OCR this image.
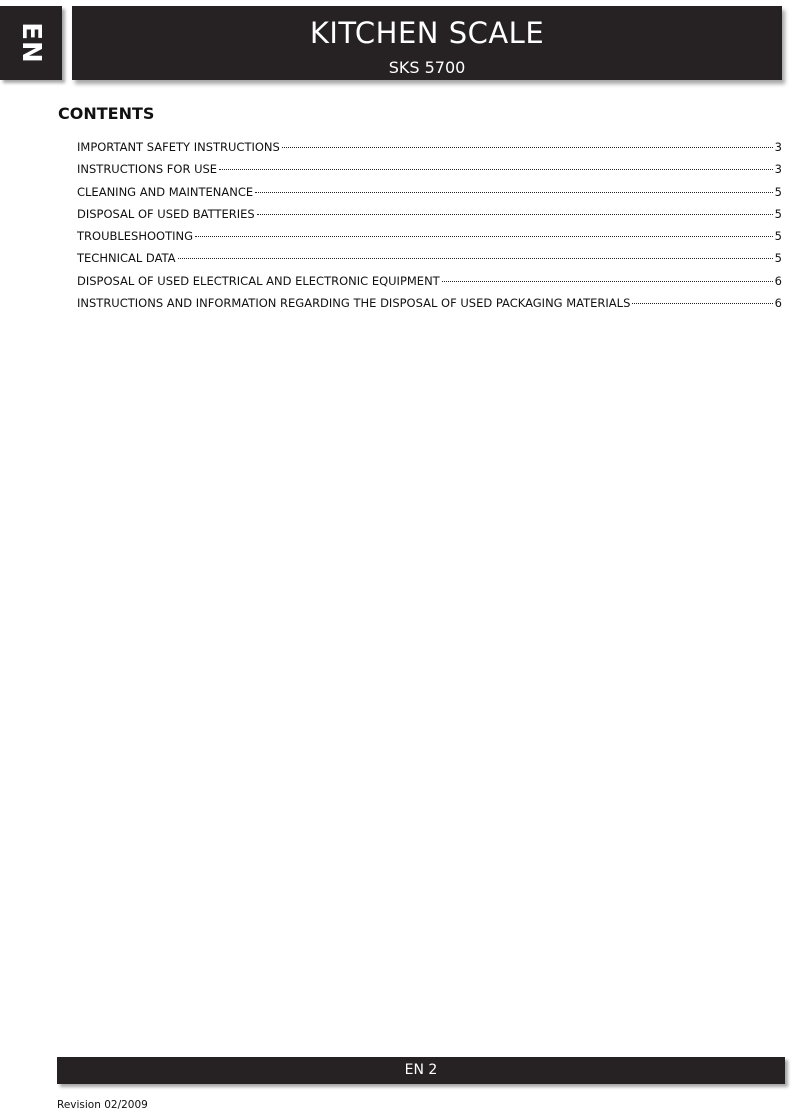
EN	KITCHEN SCALE
SKS 5700
CONTENTS
IMPORTANT SAFETY INSTRUCTIONS	3
INSTRUCTIONS FOR USE	3
CLEANING AND MAINTENANCE	5
DISPOSAL OF USED BATTERIES	5
TROUBLESHOOTING	5
TECHNICAL DATA	5
DISPOSAL OF USED ELECTRICAL AND ELECTRONIC EQUIPMENT	6
INSTRUCTIONS AND INFORMATION REGARDING THE DISPOSAL OF USED PACKAGING MATERIALS	6
EN 2
Revision 02/2009
